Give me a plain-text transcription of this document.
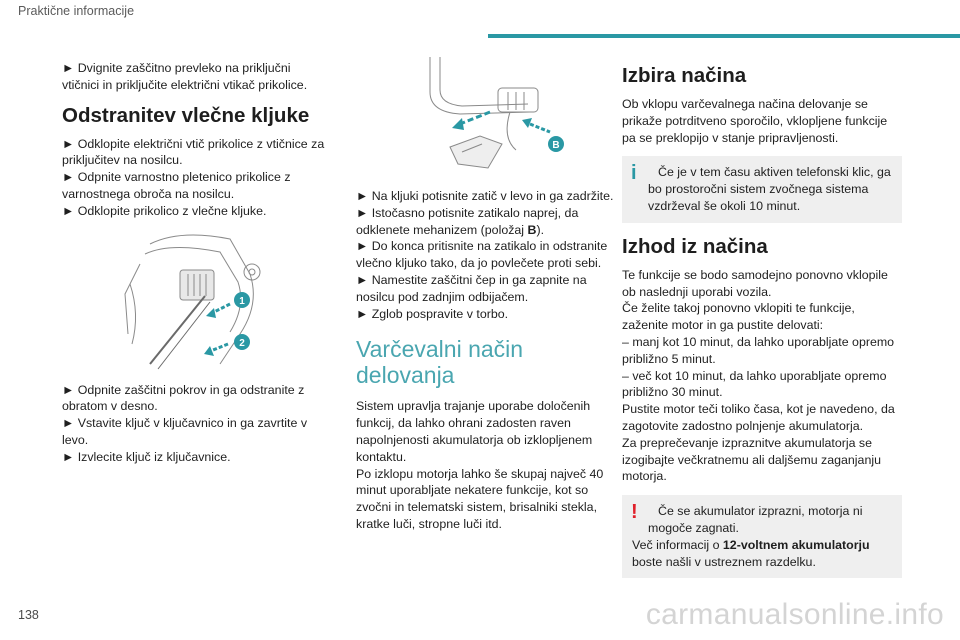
Praktične informacije

► Dvignite zaščitno prevleko na priključni vtičnici in priključite električni vtikač prikolice.

Odstranitev vlečne kljuke

► Odklopite električni vtič prikolice z vtičnice za priključitev na nosilcu.

► Odpnite varnostno pletenico prikolice z varnostnega obroča na nosilcu.

► Odklopite prikolico z vlečne kljuke.

1
2

► Odpnite zaščitni pokrov in ga odstranite z obratom v desno.

► Vstavite ključ v ključavnico in ga zavrtite v levo.

► Izvlecite ključ iz ključavnice.

B

► Na kljuki potisnite zatič v levo in ga zadržite.

► Istočasno potisnite zatikalo naprej, da odklenete mehanizem (položaj B).

► Do konca pritisnite na zatikalo in odstranite vlečno kljuko tako, da jo povlečete proti sebi.

► Namestite zaščitni čep in ga zapnite na nosilcu pod zadnjim odbijačem.

► Zglob pospravite v torbo.

Varčevalni način delovanja

Sistem upravlja trajanje uporabe določenih funkcij, da lahko ohrani zadosten raven napolnjenosti akumulatorja ob izklopljenem kontaktu.

Po izklopu motorja lahko še skupaj največ 40 minut uporabljate nekatere funkcije, kot so zvočni in telematski sistem, brisalniki stekla, kratke luči, stropne luči itd.

Izbira načina

Ob vklopu varčevalnega načina delovanje se prikaže potrditveno sporočilo, vklopljene funkcije pa se preklopijo v stanje pripravljenosti.

i	Če je v tem času aktiven telefonski klic, ga bo prostoročni sistem zvočnega sistema vzdrževal še okoli 10 minut.

Izhod iz načina

Te funkcije se bodo samodejno ponovno vklopile ob naslednji uporabi vozila.

Če želite takoj ponovno vklopiti te funkcije, zaženite motor in ga pustite delovati:

– manj kot 10 minut, da lahko uporabljate opremo približno 5 minut.

– več kot 10 minut, da lahko uporabljate opremo približno 30 minut.

Pustite motor teči toliko časa, kot je navedeno, da zagotovite zadostno polnjenje akumulatorja.

Za preprečevanje izpraznitve akumulatorja se izogibajte večkratnemu ali daljšemu zaganjanju motorja.

!	Če se akumulator izprazni, motorja ni mogoče zagnati.

Več informacij o 12-voltnem akumulatorju boste našli v ustreznem razdelku.

138	carmanualsonline.info
